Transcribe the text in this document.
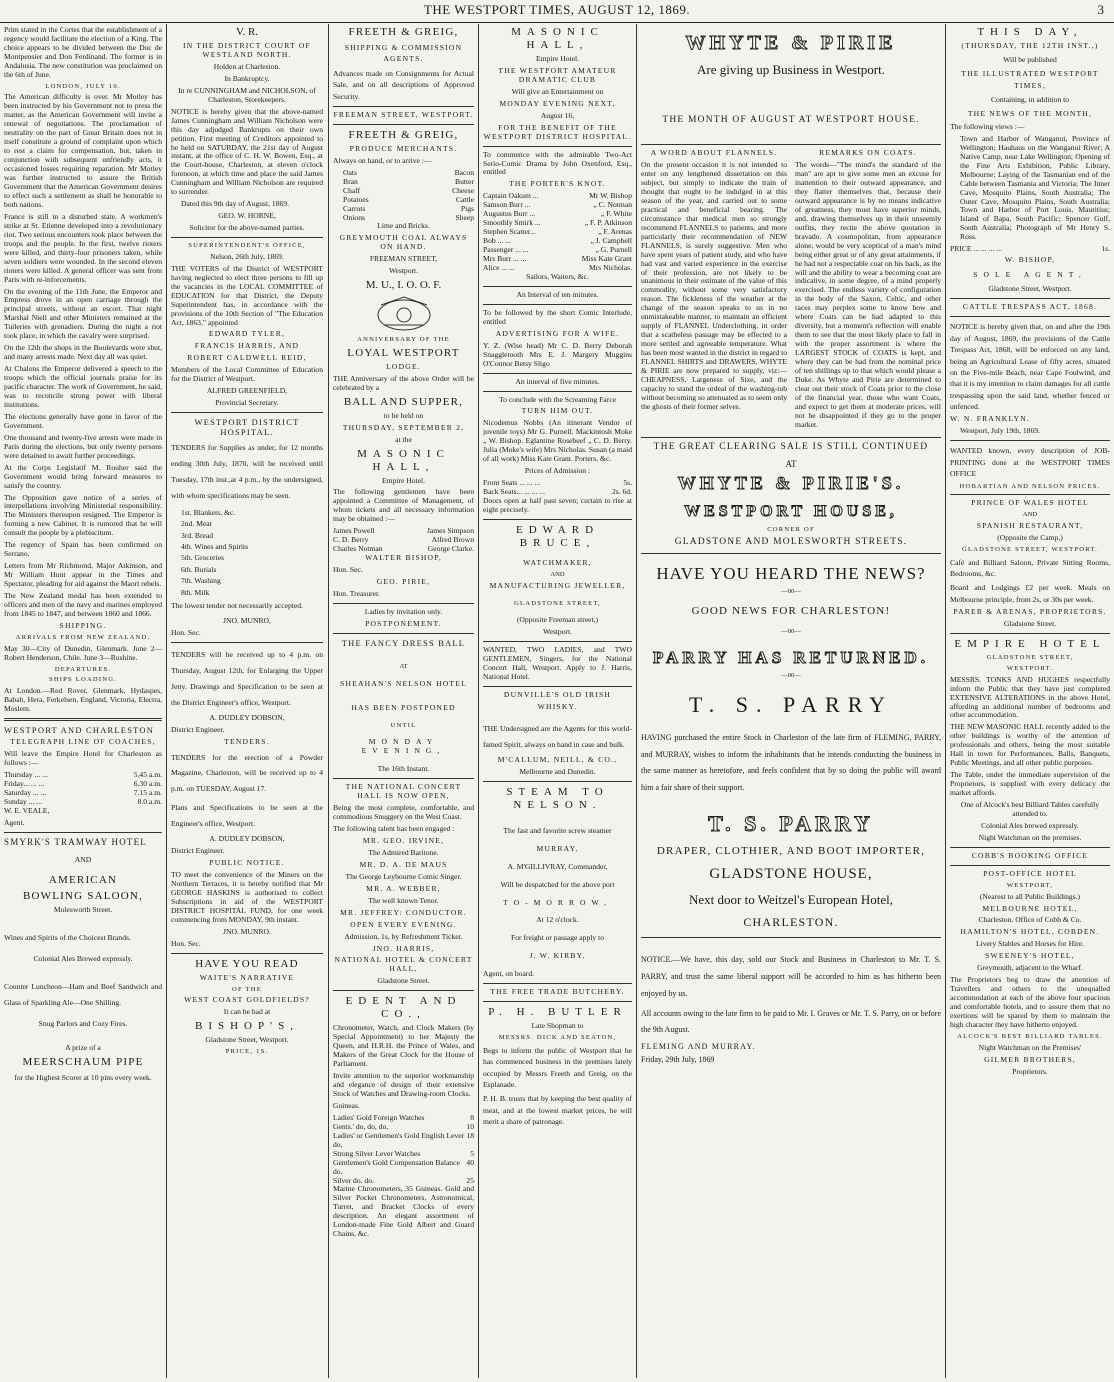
THE WESTPORT TIMES, AUGUST 12, 1869.	3

Prim stated in the Cortes that the establishment of a regency would facilitate the election of a King. The choice appears to be divided between the Duc de Montpensier and Don Ferdinand. The former is in Andalusia. The new constitution was proclaimed on the 6th of June.

LONDON, JULY 10.

The American difficulty is over. Mr Motley has been instructed by his Government not to press the matter, as the American Government will invite a renewal of negotiations. The proclamation of neutrality on the part of Great Britain does not in itself constitute a ground of complaint upon which to rest a claim for compensation, but, taken in conjunction with subsequent unfriendly acts, it occasioned losses requiring reparation. Mr Motley was further instructed to assure the British Government that the American Government desires to effect such a settlement as shall be honorable to both nations.

France is still in a disturbed state. A workmen's strike at St. Etienne developed into a revolutionary riot. Two serious encounters took place between the troops and the people. In the first, twelve rioters were killed, and thirty-four prisoners taken, while seven soldiers were wounded. In the second eleven rioters were killed. A general officer was sent from Paris with re-inforcements.

On the evening of the 11th June, the Emperor and Empress drove in an open carriage through the principal streets, without an escort. That night Marshal Niell and other Ministers remained at the Tuileries with grenadiers. During the night a riot took place, in which the cavalry were surprised.

On the 12th the shops in the Boulevards were shut, and many arrests made. Next day all was quiet.

At Chalons the Emperor delivered a speech to the troops which the official journals praise for its pacific character. The work of Government, he said, was to reconcile strong power with liberal institutions.

The elections generally have gone in favor of the Government.

One thousand and twenty-five arrests were made in Paris during the elections, but only twenty persons were detained to await further proceedings.

At the Corps Legislatif M. Rouher said the Government would bring forward measures to satisfy the country.

The Opposition gave notice of a series of interpellations involving Ministerial responsibility. The Ministers thereupon resigned. The Emperor is forming a new Cabinet. It is rumored that he will consult the people by a plebiscitum.

The regency of Spain has been confirmed on Serrano.

Letters from Mr Richmond, Major Atkinson, and Mr William Hunt appear in the Times and Spectator, pleading for aid against the Maori rebels.

The New Zealand medal has been extended to officers and men of the navy and marines employed from 1845 to 1847, and between 1860 and 1866.

SHIPPING.

ARRIVALS FROM NEW ZEALAND.

May 30—City of Dunedin, Glenmark. June 2—Robert Henderson, Chile. June 3—Rushine.

DEPARTURES.

SHIPS LOADING.

At London.—Red Rover, Glenmark, Hydaspes, Babah, Hera, Ferkelsen, England, Victoria, Electra, Moslem.

WESTPORT AND CHARLESTON

TELEGRAPH LINE OF COACHES,

Will leave the Empire Hotel for Charleston as follows :—

Thursday ... ...	5.45 a.m.
Friday... ... ...	6.30 a.m.
Saturday ... ...	7.15 a.m.
Sunday ... ...	8.0 a.m.

W. E. VEALE,

Agent.

SMYRK'S TRAMWAY HOTEL

AND

AMERICAN

BOWLING SALOON,

Molesworth Street.

Wines and Spirits of the Choicest Brands.

Colonial Ales Brewed expressly.

Counter Luncheon—Ham and Beef Sandwich and Glass of Sparkling Ale—One Shilling.

Snug Parlors and Cozy Fires.

A prize of a

MEERSCHAUM PIPE

for the Highest Scorer at 10 pins every week.

V. R.

IN THE DISTRICT COURT OF WESTLAND NORTH.

Holden at Charleston.

In Bankruptcy.

In re CUNNINGHAM and NICHOLSON, of Charleston, Storekeepers.

NOTICE is hereby given that the above-named James Cunningham and William Nicholson were this day adjudged Bankrupts on their own petition. First meeting of Creditors appointed to be held on SATURDAY, the 21st day of August instant, at the office of C. H. W. Bowen, Esq., at the Court-house, Charleston, at eleven o'clock forenoon, at which time and place the said James Cunningham and William Nicholson are required to surrender.

Dated this 9th day of August, 1869.

GEO. W. HORNE,

Solicitor for the above-named parties.

SUPERINTENDENT'S OFFICE,

Nelson, 26th July, 1869.

THE VOTERS of the District of WESTPORT having neglected to elect three persons to fill up the vacancies in the LOCAL COMMITTEE of EDUCATION for that District, the Deputy Superintendent has, in accordance with the provisions of the 10th Section of "The Education Act, 1863," appointed

EDWARD TYLER,

FRANCIS HARRIS, AND

ROBERT CALDWELL REID,

Members of the Local Committee of Education for the District of Westport.

ALFRED GREENFIELD,

Provincial Secretary.

WESTPORT DISTRICT HOSPITAL.

TENDERS for Supplies as under, for 12 months ending 30th July, 1870, will be received until Tuesday, 17th inst.,at 4 p.m., by the undersigned, with whom specifications may be seen.

1st. Blankets, &c.
2nd. Meat
3rd. Bread
4th. Wines and Spirits
5th. Groceries
6th. Burials
7th. Washing
8th. Milk

The lowest tender not necessarily accepted.

JNO. MUNRO,

Hon. Sec.

TENDERS will be received up to 4 p.m. on Thursday, August 12th, for Enlarging the Upper Jetty. Drawings and Specification to be seen at the District Engineer's office, Westport.

A. DUDLEY DOBSON,

District Engineer.

TENDERS.

TENDERS for the erection of a Powder Magazine, Charleston, will be received up to 4 p.m. on TUESDAY, August 17.

Plans and Specifications to be seen at the Engineer's office, Westport.

A. DUDLEY DOBSON,

District Engineer.

PUBLIC NOTICE.

TO meet the convenience of the Miners on the Northern Terraces, it is hereby notified that Mr GEORGE HASKINS is authorised to collect Subscriptions in aid of the WESTPORT DISTRICT HOSPITAL FUND, for one week commencing from MONDAY, 9th instant.

JNO. MUNRO.

Hon. Sec.

HAVE YOU READ

WAITE'S NARRATIVE

OF THE

WEST COAST GOLDFIELDS?

It can be had at

BISHOP'S,

Gladstone Street, Westport.

PRICE, 1S.

FREETH & GREIG,

SHIPPING & COMMISSION AGENTS.

Advances made on Consignments for Actual Sale, and on all descriptions of Approved Security.

FREEMAN STREET, WESTPORT.

FREETH & GREIG,

PRODUCE MERCHANTS.

Always on hand, or to arrive :—

Oats	Bacon
Bran	Butter
Chaff	Cheese
Potatoes	Cattle
Carrots	Pigs
Onions	Sheep

Lime and Bricks.

GREYMOUTH COAL ALWAYS ON HAND.

FREEMAN STREET,

Westport.

M. U., I. O. O. F.

ANNIVERSARY OF THE

LOYAL WESTPORT

LODGE.

THE Anniversary of the above Order will be celebrated by a

BALL AND SUPPER,

to be held on

THURSDAY, SEPTEMBER 2,

at the

MASONIC HALL,

Empire Hotel.

The following gentlemen have been appointed a Committee of Management, of whom tickets and all necessary information may be obtained :—

James Powell	James Simpson
C. D. Berry	Alfred Brown
Charles Notman	George Clarke.

WALTER BISHOP,

Hon. Sec.

GEO. PIRIE,

Hon. Treasurer.

Ladies by invitation only.

POSTPONEMENT.

THE FANCY DRESS BALL

AT

SHEAHAN'S NELSON HOTEL

HAS BEEN POSTPONED

UNTIL

MONDAY EVENING,

The 16th Instant.

THE NATIONAL CONCERT HALL IS NOW OPEN,

Being the most complete, comfortable, and commodious Snuggery on the West Coast.

The following talent has been engaged :

MR. GEO. IRVINE,

The Admired Baritone.

MR. D. A. DE MAUS

The George Leybourne Comic Singer.

MR. A. WEBBER,

The well known Tenor.

MR. JEFFREY: CONDUCTOR.

OPEN EVERY EVENING.

Admission, 1s, by Refreshment Ticket.

JNO. HARRIS,

NATIONAL HOTEL & CONCERT HALL,

Gladstone Street.

EDENT AND CO.,

Chronometer, Watch, and Clock Makers (by Special Appointment) to her Majesty the Queen, and H.R.H. the Prince of Wales, and Makers of the Great Clock for the House of Parliament.

Invite attention to the superior workmanship and elegance of design of their extensive Stock of Watches and Drawing-room Clocks.

Guineas.

Ladies' Gold Foreign Watches	8
Gents.' do, do, do,	10
Ladies' or Gentlemen's Gold English Lever do,
18
Strong Silver Lever Watches	5
Gentlemen's Gold Compensation Balance do.
40
Silver do. do.	25

Marine Chronometers, 35 Guineas. Gold and Silver Pocket Chronometers, Astronomical, Turret, and Bracket Clocks of every description. An elegant assortment of London-made Fine Gold Albert and Guard Chains, &c.

MASONIC HALL,

Empire Hotel.

THE WESTPORT AMATEUR DRAMATIC CLUB

Will give an Entertainment on

MONDAY EVENING NEXT,

August 16,

FOR THE BENEFIT OF THE WESTPORT DISTRICT HOSPITAL.

To commence with the admirable Two-Act Serio-Comic Drama by John Oxenford, Esq., entitled

THE PORTER'S KNOT.

Captain Oakum ...	Mr W. Bishop
Samson Burr ...	„ C. Notman
Augustus Burr ...	„ F. White
Smoothly Smirk ...	„ F. P. Atkinson
Stephen Scatter...	„ F. Arenas
Bob ... ...	„ J. Campbell
Passenger ... ...	„ G. Purnell
Mrs Burr ... ...	Miss Kate Grant
Alice ... ...	Mrs Nicholas.

Sailors, Waiters, &c.

An Interval of ten minutes.

To be followed by the short Comic Interlude, entitled

ADVERTISING FOR A WIFE.

Y. Z. (Wise head) Mr C. D. Berry Deborah Snaggletooth Mrs E. J. Margery Muggins O'Connor Betsy Sligo

An interval of five minutes.

To conclude with the Screaming Farce

TURN HIM OUT.

Nicodemus Nobbs (An itinerant Vendor of juvenile toys) Mr G. Purnell. Mackintosh Moke „ W. Bishop. Eglantine Rosebeef „ C. D. Berry. Julia (Moke's wife) Mrs Nicholas. Susan (a maid of all work) Miss Kate Grant. Porters, &c.

Prices of Admission :

Front Seats ... ... ...	5s.
Back Seats... ... ... ...	2s. 6d.

Doors open at half past seven; curtain to rise at eight precisely.

EDWARD BRUCE,

WATCHMAKER,

AND

MANUFACTURING JEWELLER,

GLADSTONE STREET,

(Opposite Freeman street,)

Westport.

WANTED, TWO LADIES, and TWO GENTLEMEN, Singers, for the National Concert Hall, Westport. Apply to J. Harris, National Hotel.

DUNVILLE'S OLD IRISH

WHISKY.

THE Undersigned are the Agents for this world-famed Spirit, always on hand in case and bulk.

M'CALLUM, NEILL, & CO.,

Melbourne and Dunedin.

STEAM TO NELSON.

The fast and favorite screw steamer

MURRAY,

A. M'GILLIVRAY, Commander,

Will be despatched for the above port

TO-MORROW,

At 12 o'clock.

For freight or passage apply to

J. W. KIRBY,

Agent, on board.

THE FREE TRADE BUTCHERY.

P. H. BUTLER

Late Shopman to

MESSRS. DICK AND SEATON,

Begs to inform the public of Westport that he has commenced business in the premises lately occupied by Messrs Freeth and Greig, on the Esplanade.

P. H. B. trusts that by keeping the best quality of meat, and at the lowest market prices, he will merit a share of patronage.

WHYTE & PIRIE

Are giving up Business in Westport.

THE MONTH OF AUGUST AT WESTPORT HOUSE.

A WORD ABOUT FLANNELS.

On the present occasion it is not intended to enter on any lengthened dissertation on this subject, but simply to indicate the train of thought that ought to be indulged in at this season of the year, and carried out to some practical and beneficial bearing. The circumstance that medical men so strongly recommend FLANNELS to patients, and more particularly their recommendation of NEW FLANNELS, is surely suggestive. Men who have spent years of patient study, and who have had vast and varied experience in the exercise of their profession, are not likely to be unanimous in their estimate of the value of this commodity, without some very satisfactory reason. The fickleness of the weather at the change of the season speaks to us in no unmistakeable manner, to maintain an efficient supply of FLANNEL Underclothing, in order that a scatheless passage may be effected to a more settled and agreeable temperature. What has been most wanted in the district in regard to FLANNEL SHIRTS and DRAWERS, WHYTE & PIRIE are now prepared to supply, viz:—CHEAPNESS, Largeness of Size, and the capacity to stand the ordeal of the washing-tub without becoming so attenuated as to seem only the ghosts of their former selves.

REMARKS ON COATS.

The words—"The mind's the standard of the man" are apt to give some men an excuse for inattention to their outward appearance, and they flatter themselves that, because their outward appearance is by no means indicative of greatness, they must have superior minds, and, drawing themselves up in their unseemly outfits, they recite the above quotation in bravado. A cosmopolitan, from appearance alone, would be very sceptical of a man's mind being either great or of any great attainments, if he had not a respectable coat on his back, as the will and the ability to wear a becoming coat are indicative, in some degree, of a mind properly exercised. The endless variety of configuration in the body of the Saxon, Celtic, and other races may perplex some to know how and where Coats can be had adapted to this diversity, but a moment's reflection will enable them to see that the most likely place to fall in with the proper assortment is where the LARGEST STOCK of COATS is kept, and where they can be had from the nominal price of ten shillings up to that which would please a Duke. As Whyte and Pirie are determined to clear out their stock of Coats prior to the close of the financial year, those who want Coats, and expect to get them at moderate prices, will not be disappointed if they go to the proper market.

THE GREAT CLEARING SALE IS STILL CONTINUED

AT

WHYTE & PIRIE'S.

WESTPORT HOUSE,

CORNER OF

GLADSTONE AND MOLESWORTH STREETS.

HAVE YOU HEARD THE NEWS?

—00—

GOOD NEWS FOR CHARLESTON!

—00—

PARRY HAS RETURNED.

—00—

T. S. PARRY

HAVING purchased the entire Stock in Charleston of the late firm of FLEMING, PARRY, and MURRAY, wishes to inform the inhabitants that he intends conducting the business in the same manner as heretofore, and feels confident that by so doing the public will award him a fair share of their support.

T. S. PARRY

DRAPER, CLOTHIER, AND BOOT IMPORTER,

GLADSTONE HOUSE,

Next door to Weitzel's European Hotel,

CHARLESTON.

NOTICE.—We have, this day, sold our Stock and Business in Charleston to Mr. T. S. PARRY, and trust the same liberal support will be accorded to him as has hitherto been enjoyed by us.

All accounts owing to the late firm to be paid to Mr. I. Graves or Mr. T. S. Parry, on or before the 9th August.

FLEMING AND MURRAY.

Friday, 29th July, 1869

THIS DAY,

(THURSDAY, THE 12TH INST.,)

Will be published

THE ILLUSTRATED WESTPORT TIMES,

Containing, in addition to

THE NEWS OF THE MONTH,

The following views :—

Town and Harbor of Wanganui, Province of Wellington; Hauhaus on the Wanganui River; A Native Camp, near Lake Wellington; Opening of the Fine Arts Exhibition, Public Library, Melbourne; Laying of the Tasmanian end of the Cable between Tasmania and Victoria; The Inner Cave, Mosquito Plains, South Australia; The Outer Cave, Mosquito Plains, South Australia; Town and Harbor of Port Louis, Mauritius; Island of Bapa, South Pacific; Spencer Gulf, South Australia; Photograph of Mr Henry S. Ross.

PRICE ... ... ... ...	1s.

W. BISHOP,

SOLE AGENT,

Gladstone Street, Westport.

CATTLE TRESPASS ACT, 1868.

NOTICE is hereby given that, on and after the 19th day of August, 1869, the provisions of the Cattle Trespass Act, 1868, will be enforced on any land, being an Agricultural Lease of fifty acres, situated on the Five-mile Beach, near Cape Foulwind, and that it is my intention to claim damages for all cattle trespassing upon the said land, whether fenced or unfenced.

W. N. FRANKLYN.

Westport, July 19th, 1869.

WANTED known, every description of JOB-PRINTING done at the WESTPORT TIMES OFFICE

HOBARTIAN AND NELSON PRICES.

PRINCE OF WALES HOTEL

AND

SPANISH RESTAURANT,

(Opposite the Camp,)

GLADSTONE STREET, WESTPORT.

Café and Billiard Saloon, Private Sitting Rooms, Bedrooms, &c.

Board and Lodgings £2 per week. Meals on Melbourne principle, from 2s, or 30s per week.

PARER & ARENAS, PROPRIETORS.

Gladstone Street.

EMPIRE HOTEL

GLADSTONE STREET,

WESTPORT.

MESSRS. TONKS AND HUGHES respectfully inform the Public that they have just completed EXTENSIVE ALTERATIONS in the above Hotel, affording an additional number of bedrooms and other accommodation.

THE NEW MASONIC HALL recently added to the other buildings is worthy of the attention of professionals and others, being the most suitable Hall in town for Performances, Balls, Banquets, Public Meetings, and all other public purposes.

The Table, under the immediate supervision of the Proprietors, is supplied with every delicacy the market affords.

One of Alcock's best Billiard Tables carefully attended to.

Colonial Ales brewed expressly.

Night Watchman on the premises.

COBB'S BOOKING OFFICE

POST-OFFICE HOTEL

WESTPORT,

(Nearest to all Public Buildings.)

MELBOURNE HOTEL,

Charleston. Office of Cobb & Co.

HAMILTON'S HOTEL, COBDEN.

Livery Stables and Horses for Hire.

SWEENEY'S HOTEL,

Greymouth, adjacent to the Wharf.

The Proprietors beg to draw the attention of Travellers and others to the unequalled accommodation at each of the above four spacious and comfortable hotels, and to assure them that no exertions will be spared by them to maintain the high character they have hitherto enjoyed.

ALCOCK'S BEST BILLIARD TABLES.

Night Watchman on the Premises'

GILMER BROTHERS,

Proprietors.
